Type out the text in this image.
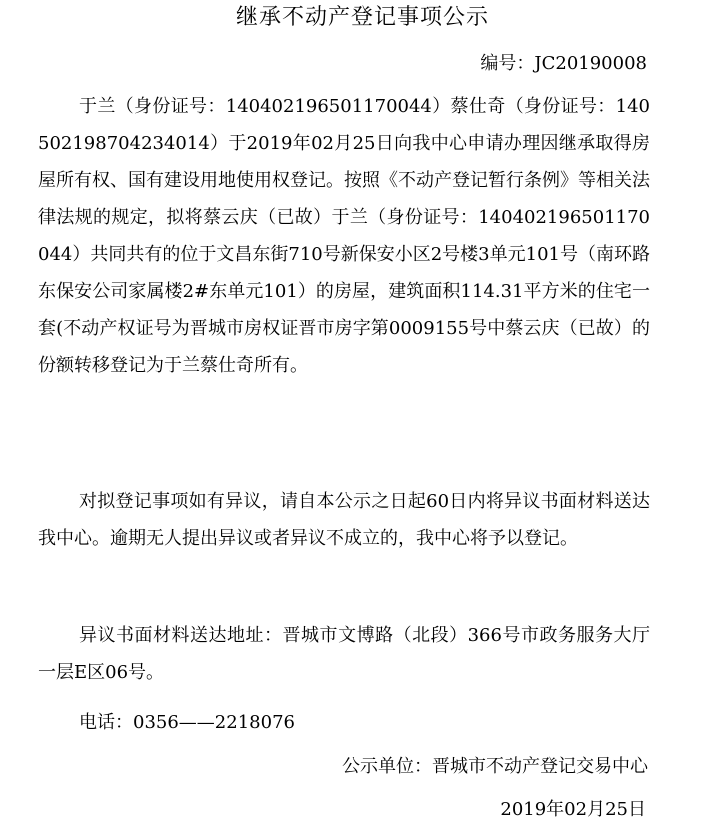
继承不动产登记事项公示
编号：JC20190008

于兰（身份证号：140402196501170044）蔡仕奇（身份证号：140502198704234014）于2019年02月25日向我中心申请办理因继承取得房屋所有权、国有建设用地使用权登记。按照《不动产登记暂行条例》等相关法律法规的规定，拟将蔡云庆（已故）于兰（身份证号：140402196501170044）共同共有的位于文昌东街710号新保安小区2号楼3单元101号（南环路东保安公司家属楼2#东单元101）的房屋，建筑面积114.31平方米的住宅一套(不动产权证号为晋城市房权证晋市房字第0009155号中蔡云庆（已故）的份额转移登记为于兰蔡仕奇所有。

对拟登记事项如有异议，请自本公示之日起60日内将异议书面材料送达我中心。逾期无人提出异议或者异议不成立的，我中心将予以登记。

异议书面材料送达地址：晋城市文博路（北段）366号市政务服务大厅一层E区06号。

电话：0356——2218076

公示单位：晋城市不动产登记交易中心
2019年02月25日
